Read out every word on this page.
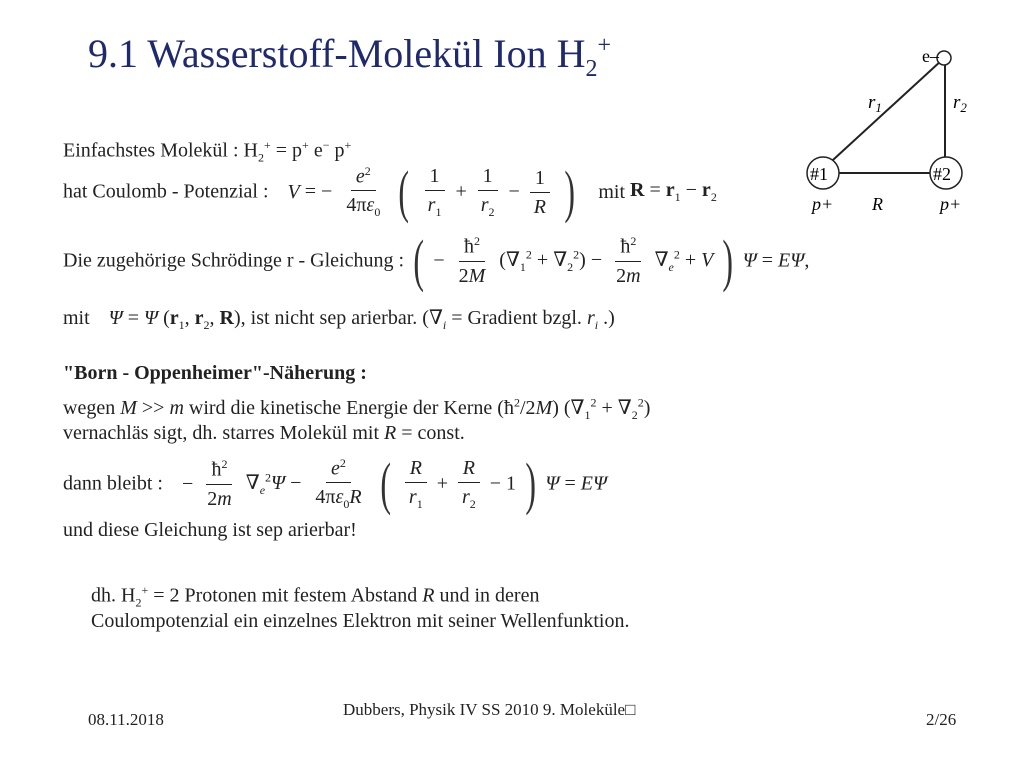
9.1 Wasserstoff-Molekül Ion $H_2^+$	e–
$r_1$	$r_2$
#1	#2
p+ R	p+
Einfachstes Molekül : $H_2^+ = p^+$ e− p+
hat Coulomb - Potenzial : V = − $\frac{e^2}{4\pi\varepsilon_0}$ ( $\frac{1}{r_1} + \frac{1}{r_2} - \frac{1}{R}$ ) mit $R = r_1 - r_2$
Die zugehörige Schrödinge r - Gleichung : ( − $\frac{ħ^2}{2M} (\nabla_1^2 + \nabla_2^2) - \frac{ħ^2}{2m} \nabla_e^2 + V$ ) Ψ = EΨ,
mit Ψ = Ψ ($r_1$, $r_2$, R), ist nicht sep arierbar. ($\nabla_i$ = Gradient bzgl. $r_i$ .)
"Born - Oppenheimer"-Näherung :
wegen M >> m wird die kinetische Energie der Kerne $(ħ^2/2M) (\nabla_1^2 + \nabla_2^2)$
vernachläs sigt, dh. starres Molekül mit R = const.
dann bleibt : − $\frac{ħ^2}{2m} \nabla_e^2\Psi - \frac{e^2}{4\pi\varepsilon_0R}$ ( $\frac{R}{r_1} + \frac{R}{r_2} - 1$ ) Ψ = EΨ
und diese Gleichung ist sep arierbar!
dh. $H_2^+ = 2$ Protonen mit festem Abstand R und in deren
Coulompotenzial ein einzelnes Elektron mit seiner Wellenfunktion.
08.11.2018
Dubbers, Physik IV SS 2010 9. Moleküle□
2/26
